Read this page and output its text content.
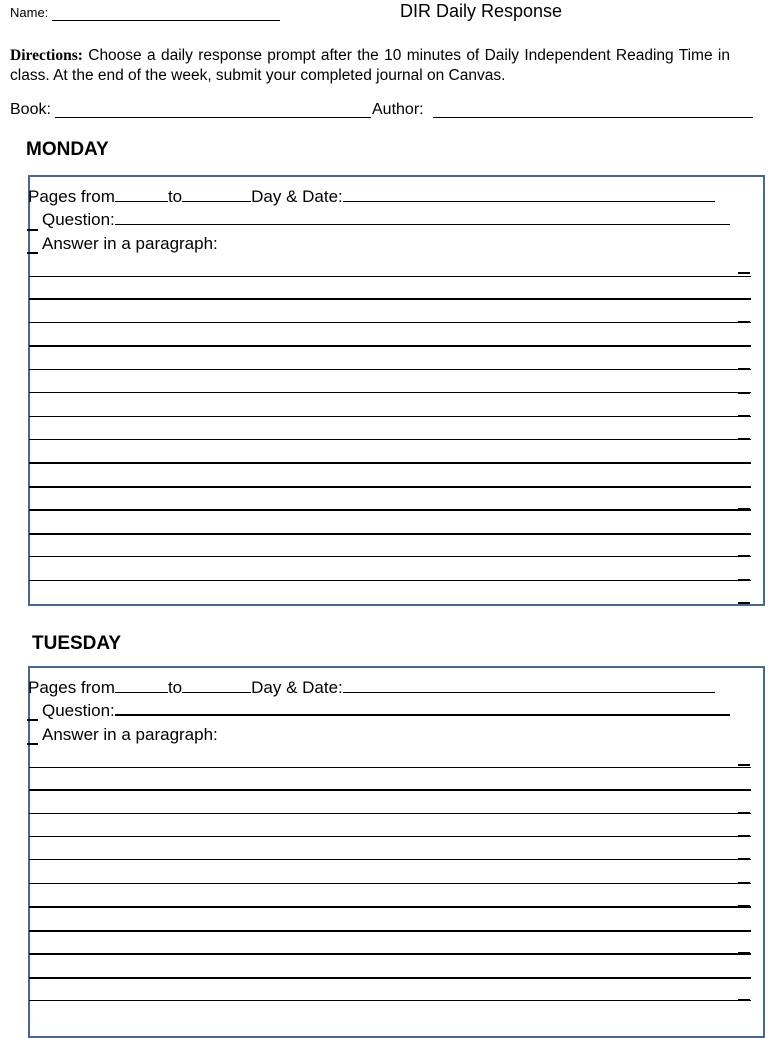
Name:	DIR Daily Response
Directions: Choose a daily response prompt after the 10 minutes of Daily Independent Reading Time in class. At the end of the week, submit your completed journal on Canvas.
Book:	Author:
MONDAY
Pages from	to	Day & Date:
Question:
Answer in a paragraph:
TUESDAY
Pages from	to	Day & Date:
Question:
Answer in a paragraph:
